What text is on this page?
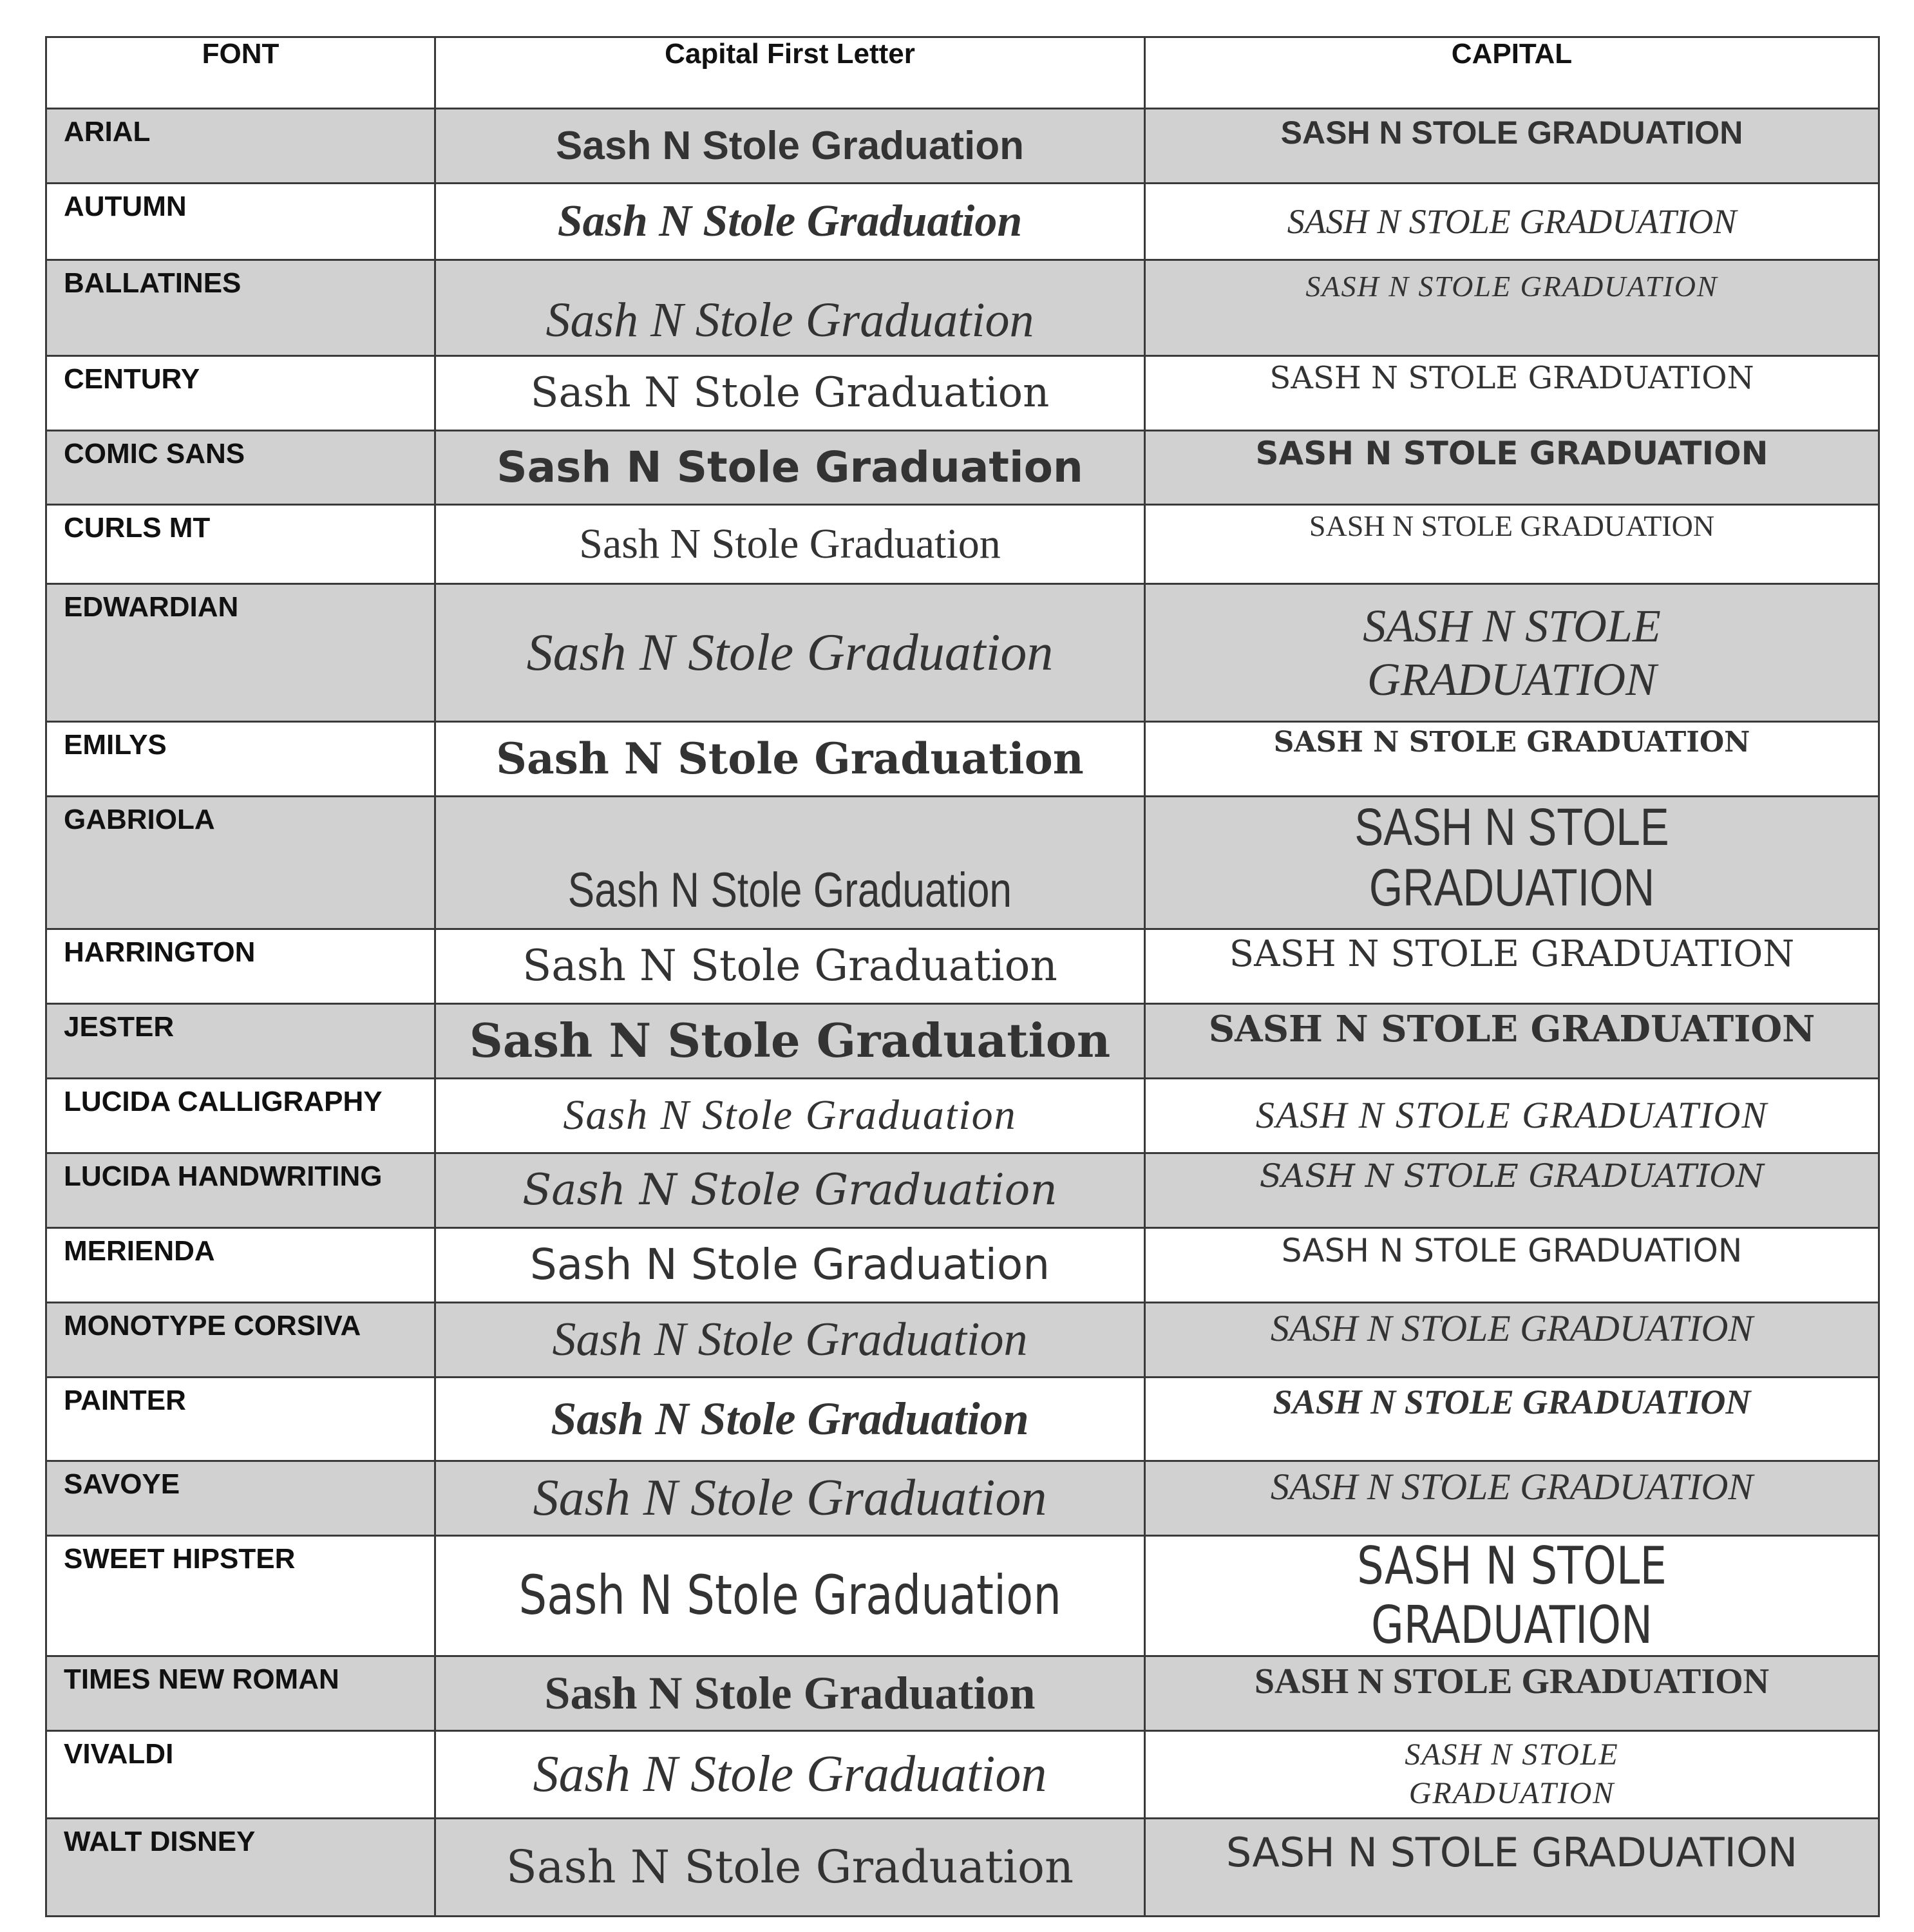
FONT	Capital First Letter	CAPITAL
ARIAL	Sash N Stole Graduation	SASH N STOLE GRADUATION
AUTUMN	Sash N Stole Graduation	SASH N STOLE GRADUATION
BALLATINES	Sash N Stole Graduation	SASH N STOLE GRADUATION
CENTURY	Sash N Stole Graduation	SASH N STOLE GRADUATION
COMIC SANS	Sash N Stole Graduation	SASH N STOLE GRADUATION
CURLS MT	Sash N Stole Graduation	SASH N STOLE GRADUATION
EDWARDIAN	Sash N Stole Graduation	SASH N STOLE GRADUATION
EMILYS	Sash N Stole Graduation	SASH N STOLE GRADUATION
GABRIOLA	Sash N Stole Graduation	SASH N STOLE GRADUATION
HARRINGTON	Sash N Stole Graduation	SASH N STOLE GRADUATION
JESTER	Sash N Stole Graduation	SASH N STOLE GRADUATION
LUCIDA CALLIGRAPHY	Sash N Stole Graduation	SASH N STOLE GRADUATION
LUCIDA HANDWRITING	Sash N Stole Graduation	SASH N STOLE GRADUATION
MERIENDA	Sash N Stole Graduation	SASH N STOLE GRADUATION
MONOTYPE CORSIVA	Sash N Stole Graduation	SASH N STOLE GRADUATION
PAINTER	Sash N Stole Graduation	SASH N STOLE GRADUATION
SAVOYE	Sash N Stole Graduation	SASH N STOLE GRADUATION
SWEET HIPSTER	Sash N Stole Graduation	SASH N STOLE GRADUATION
TIMES NEW ROMAN	Sash N Stole Graduation	SASH N STOLE GRADUATION
VIVALDI	Sash N Stole Graduation	SASH N STOLE GRADUATION
WALT DISNEY	Sash N Stole Graduation	SASH N STOLE GRADUATION
